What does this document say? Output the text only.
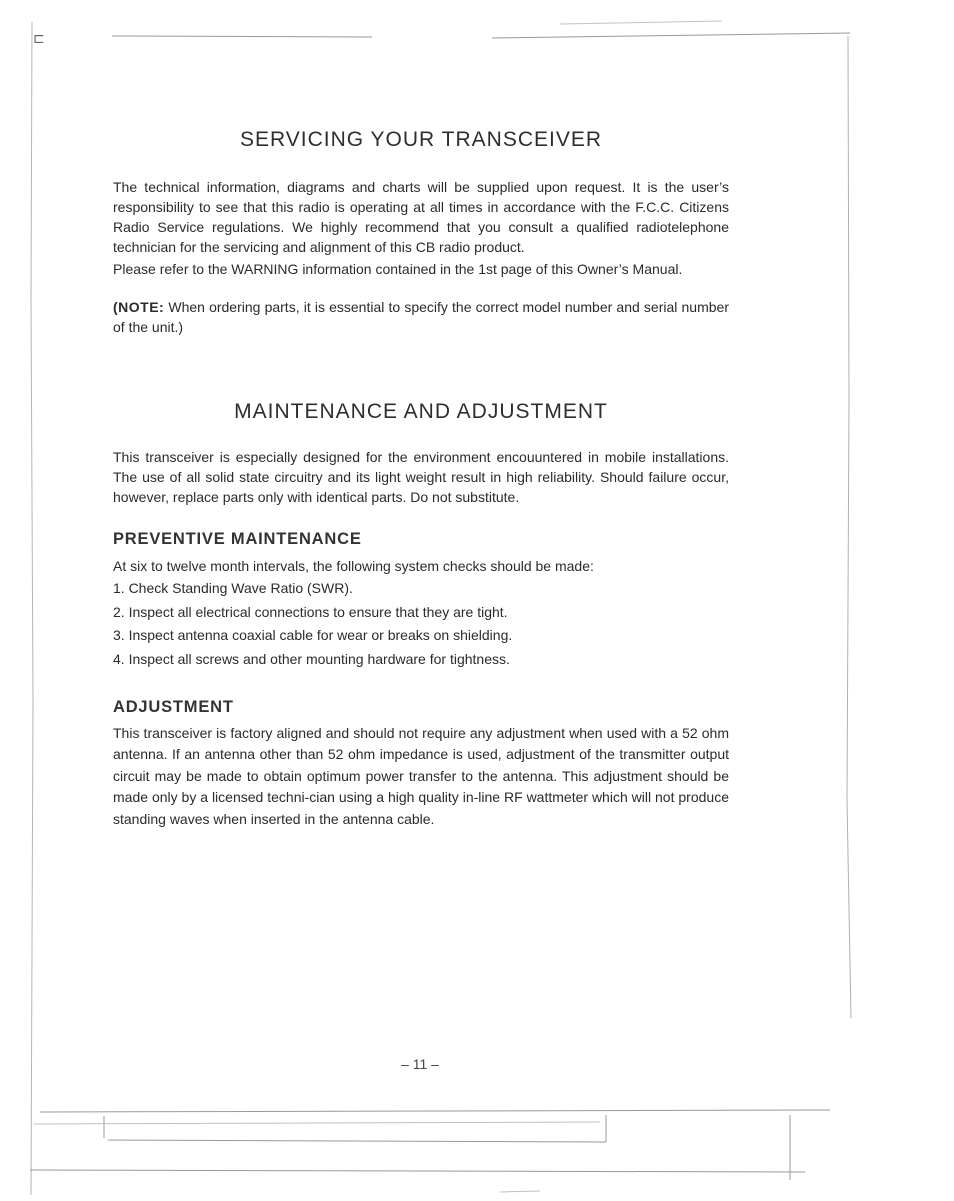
⊏
SERVICING YOUR TRANSCEIVER

The technical information, diagrams and charts will be supplied upon request. It is the user’s responsibility to see that this radio is operating at all times in accordance with the F.C.C. Citizens Radio Service regulations. We highly recommend that you consult a qualified radiotelephone technician for the servicing and alignment of this CB radio product.

Please refer to the WARNING information contained in the 1st page of this Owner’s Manual.

(NOTE: When ordering parts, it is essential to specify the correct model number and serial number of the unit.)

MAINTENANCE AND ADJUSTMENT

This transceiver is especially designed for the environment encouuntered in mobile installations. The use of all solid state circuitry and its light weight result in high reliability. Should failure occur, however, replace parts only with identical parts. Do not substitute.

PREVENTIVE MAINTENANCE

At six to twelve month intervals, the following system checks should be made:

1. Check Standing Wave Ratio (SWR).
2. Inspect all electrical connections to ensure that they are tight.
3. Inspect antenna coaxial cable for wear or breaks on shielding.
4. Inspect all screws and other mounting hardware for tightness.
ADJUSTMENT

This transceiver is factory aligned and should not require any adjustment when used with a 52 ohm antenna. If an antenna other than 52 ohm impedance is used, adjustment of the transmitter output circuit may be made to obtain optimum power transfer to the antenna. This adjustment should be made only by a licensed techni-cian using a high quality in-line RF wattmeter which will not produce standing waves when inserted in the antenna cable.

– 11 –
